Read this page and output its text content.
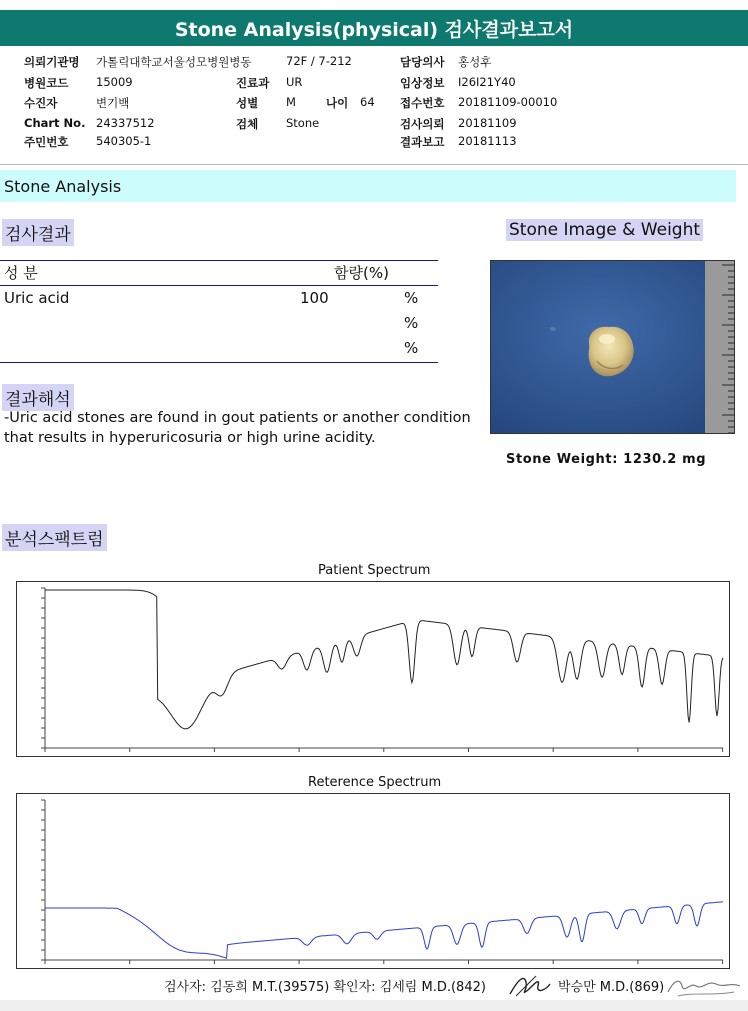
Stone Analysis(physical) 검사결과보고서
의뢰기관명 가톨릭대학교서울성모병원병동	72F / 7-212	담당의사 홍성후
병원코드 15009	진료과 UR	임상정보 I26I21Y40
수진자	변기백	성별 M	나이 64 접수번호 20181109-00010
Chart No. 24337512	검체 Stone	검사의뢰 20181109
주민번호 540305-1	결과보고 20181113
Stone Analysis
검사결과
성 분	함량(%)
Uric acid	100	%
%
%
결과해석
-Uric acid stones are found in gout patients or another condition that results in hyperuricosuria or high urine acidity.
Stone Image & Weight
Stone Weight: 1230.2 mg
분석스팩트럼
Patient Spectrum
Reterence Spectrum
검사자: 김동희 M.T.(39575) 확인자: 김세림 M.D.(842)	박승만 M.D.(869)
